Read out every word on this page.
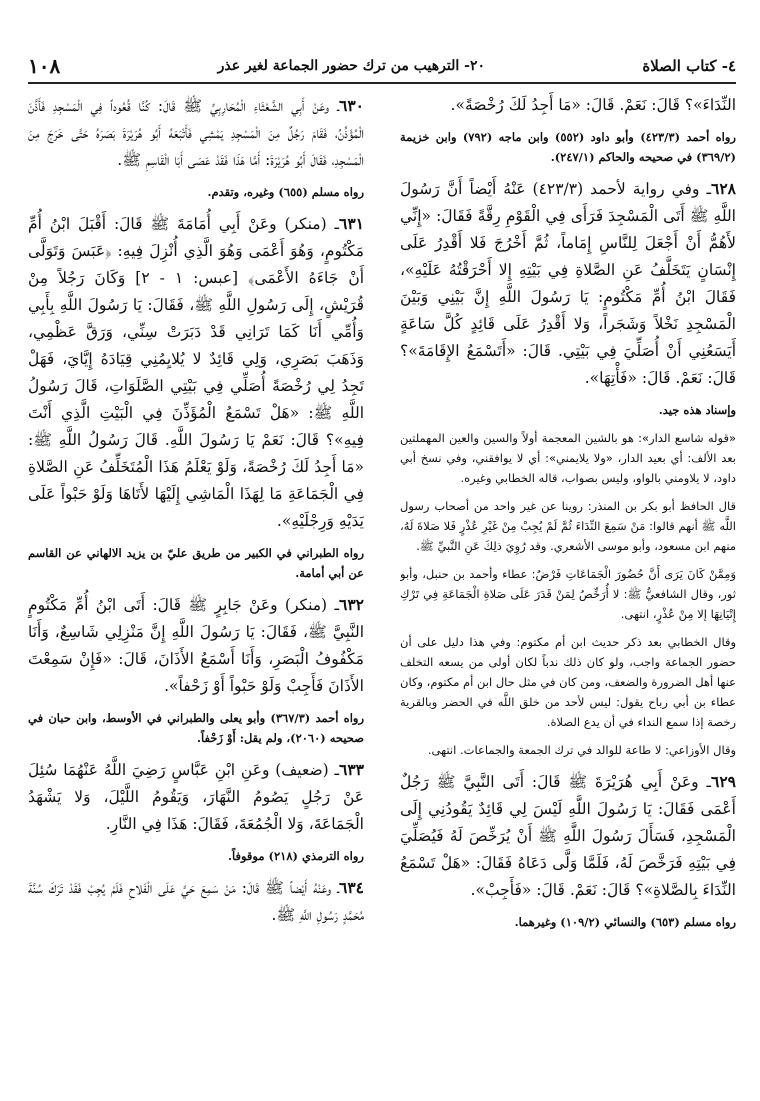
٤- كتاب الصلاة
٢٠- الترهيب من ترك حضور الجماعة لغير عذر
١٠٨
النِّدَاءَ»؟ قَالَ: نَعَمْ. قَالَ: «مَا أَجِدُ لَكَ رُخْصَةً».
رواه أحمد (٤٢٣/٣) وأبو داود (٥٥٢) وابن ماجه (٧٩٢) وابن خزيمة (٣٦٩/٢) في صحيحه والحاكم (٢٤٧/١).
٦٢٨ـ وفي رواية لأحمد (٤٢٣/٣) عَنْهُ أَيْضاً أَنَّ رَسُولَ اللَّهِ ﷺ أَتَى الْمَسْجِدَ فَرَأَى فِي الْقَوْمِ رِقَّةً فَقَالَ: «إِنِّي لأَهُمُّ أَنْ أَجْعَلَ لِلنَّاسِ إِمَاماً، ثُمَّ أَخْرُجَ فَلا أَقْدِرُ عَلَى إِنْسَانٍ يَتَخَلَّفُ عَنِ الصَّلاةِ فِي بَيْتِهِ إِلا أَحْرَقْتُهُ عَلَيْهِ»، فَقَالَ ابْنُ أُمِّ مَكْتُومٍ: يَا رَسُولَ اللَّهِ إِنَّ بَيْنِي وَبَيْنَ الْمَسْجِدِ نَخْلاً وَشَجَراً، وَلا أَقْدِرُ عَلَى قَائِدٍ كُلَّ سَاعَةٍ أَيَسَعُنِي أَنْ أُصَلِّيَ فِي بَيْتِي. قَالَ: «أَتَسْمَعُ الإِقَامَةَ»؟ قَالَ: نَعَمْ. قَالَ: «فَأْتِهَا».
وإسناد هذه جيد.
«قوله شاسع الدار»: هو بالشين المعجمة أولاً والسين والعين المهملتين بعد الألف: أي بعيد الدار، «ولا يلايمني»: أي لا يوافقني، وفي نسخ أبي داود، لا يلاومني بالواو، وليس بصواب، قاله الخطابي وغيره.
قال الحافظ أبو بكر بن المنذر: روينا عن غير واحد من أصحاب رسول اللَّه ﷺ أنهم قالوا: مَنْ سَمِعَ النِّدَاءَ ثُمَّ لَمْ يُجِبْ مِنْ غَيْرِ عُذْرٍ فَلا صَلاةَ لَهُ، منهم ابن مسعود، وأبو موسى الأشعري. وقد رُوِيَ ذلِكَ عَنِ النَّبيِّ ﷺ.
وَمِمَّنْ كَانَ يَرَى أَنَّ حُضُورَ الْجَمَاعَاتِ فَرْضٌ: عطاء وأحمد بن حنبل، وأبو ثور، وقال الشافعيُّ ﷺ: لا أُرَخِّصُ لِمَنْ قَدَرَ عَلَى صَلاةِ الْجَمَاعَةِ فِي تَرْكِ إِتْيَانِهَا إلا مِنْ عُذْرٍ، انتهى.
وقال الخطابي بعد ذكر حديث ابن أم مكتوم: وفي هذا دليل على أن حضور الجماعة واجب، ولو كان ذلك ندباً لكان أولى من يسعه التخلف عنها أهل الضرورة والضعف، ومن كان في مثل حال ابن أم مكتوم، وكان عطاء بن أبي رباح يقول: ليس لأحد من خلق اللَّه في الحضر وبالقرية رخصة إذا سمع النداء في أن يدع الصلاة.
وقال الأوزاعي: لا طاعة للوالد في ترك الجمعة والجماعات. انتهى.
٦٢٩ـ وعَنْ أَبِي هُرَيْرَةَ ﷺ قَالَ: أَتَى النَّبِيَّ ﷺ رَجُلٌ أَعْمَى فَقَالَ: يَا رَسُولَ اللَّهِ لَيْسَ لِي قَائِدٌ يَقُودُنِي إِلَى الْمَسْجِدِ، فَسَأَلَ رَسُولَ اللَّهِ ﷺ أَنْ يُرَخِّصَ لَهُ فَيُصَلِّيَ فِي بَيْتِهِ فَرَخَّصَ لَهُ، فَلَمَّا وَلَّى دَعَاهُ فَقَالَ: «هَلْ تَسْمَعُ النِّدَاءَ بِالصَّلاةِ»؟ قَالَ: نَعَمْ. قَالَ: «فَأَجِبْ».
رواه مسلم (٦٥٣) والنسائي (١٠٩/٢) وغيرهما.
٦٣٠ـ وعَنْ أَبِي الشَّعْثَاءِ الْمُحَارِبِيِّ ﷺ قَالَ: كُنَّا قُعُوداً فِي الْمَسْجِدِ فَأَذَّنَ الْمُؤَذِّنُ، فَقَامَ رَجُلٌ مِنَ الْمَسْجِدِ يَمْشِي فَأَتْبَعَهُ أَبُو هُرَيْرَةَ بَصَرَهُ حَتَّى خَرَجَ مِنَ الْمَسْجِدِ، فَقَالَ أَبُو هُرَيْرَةَ: أَمَّا هَذَا فَقَدْ عَصَى أَبَا الْقَاسِمِ ﷺ.
رواه مسلم (٦٥٥) وغيره، وتقدم.
٦٣١ـ (منكر) وعَنْ أَبِي أُمَامَةَ ﷺ قَالَ: أَقْبَلَ ابْنُ أُمِّ مَكْتُومٍ، وَهُوَ أَعْمَى وَهُوَ الَّذِي أُنْزِلَ فِيهِ: ﴿عَبَسَ وَتَوَلَّى أَنْ جَاءَهُ الأَعْمَى﴾ [عبس: ١ - ٢] وَكَانَ رَجُلاً مِنْ قُرَيْشٍ، إِلَى رَسُولِ اللَّهِ ﷺ، فَقَالَ: يَا رَسُولَ اللَّهِ بِأَبِي وَأُمِّي أَنَا كَمَا تَرَانِي قَدْ دَبَرَتْ سِنِّي، وَرَقَّ عَظْمِي، وَذَهَبَ بَصَرِي، وَلِي قَائِدٌ لا يُلايِمُنِي قِيَادَهُ إِيَّايَ، فَهَلْ تَجِدُ لِي رُخْصَةً أُصَلِّي فِي بَيْتِي الصَّلَوَاتِ، قَالَ رَسُولُ اللَّهِ ﷺ: «هَلْ تَسْمَعُ الْمُؤَذِّنَ فِي الْبَيْتِ الَّذِي أَنْتَ فِيهِ»؟ قَالَ: نَعَمْ يَا رَسُولَ اللَّهِ. قَالَ رَسُولُ اللَّهِ ﷺ: «مَا أَجِدُ لَكَ رُخْصَةً، وَلَوْ يَعْلَمُ هَذَا الْمُتَخَلِّفُ عَنِ الصَّلاةِ فِي الْجَمَاعَةِ مَا لِهَذَا الْمَاشِي إِلَيْهَا لأَتَاهَا وَلَوْ حَبْواً عَلَى يَدَيْهِ وَرِجْلَيْهِ».
رواه الطبراني في الكبير من طريق عليّ بن يزيد الالهاني عن القاسم عن أبي أمامة.
٦٣٢ـ (منكر) وعَنْ جَابِرٍ ﷺ قَالَ: أَتَى ابْنُ أُمِّ مَكْتُومٍ النَّبِيَّ ﷺ، فَقَالَ: يَا رَسُولَ اللَّهِ إِنَّ مَنْزِلِي شَاسِعٌ، وَأَنَا مَكْفُوفُ الْبَصَرِ، وَأَنَا أَسْمَعُ الأَذَانَ، قَالَ: «فَإِنْ سَمِعْتَ الأَذَانَ فَأَجِبْ وَلَوْ حَبْواً أَوْ زَحْفاً».
رواه أحمد (٣٦٧/٣) وأبو يعلى والطبراني في الأوسط، وابن حبان في صحيحه (٢٠٦٠)، ولم يقل: أَوْ زَحْفاً.
٦٣٣ـ (ضعيف) وعَنِ ابْنِ عَبَّاسٍ رَضِيَ اللَّهُ عَنْهُمَا سُئِلَ عَنْ رَجُلٍ يَصُومُ النَّهَارَ، وَيَقُومُ اللَّيْلَ، وَلا يَشْهَدُ الْجَمَاعَةَ، وَلا الْجُمُعَةَ، فَقَالَ: هَذَا فِي النَّارِ.
رواه الترمذي (٢١٨) موقوفاً.
٦٣٤ـ وعَنْهُ أَيْضاً ﷺ قَالَ: مَنْ سَمِعَ حَيَّ عَلَى الْفَلاحِ فَلَمْ يُجِبْ فَقَدْ تَرَكَ سُنَّةَ مُحَمَّدٍ رَسُولِ اللَّهِ ﷺ.
